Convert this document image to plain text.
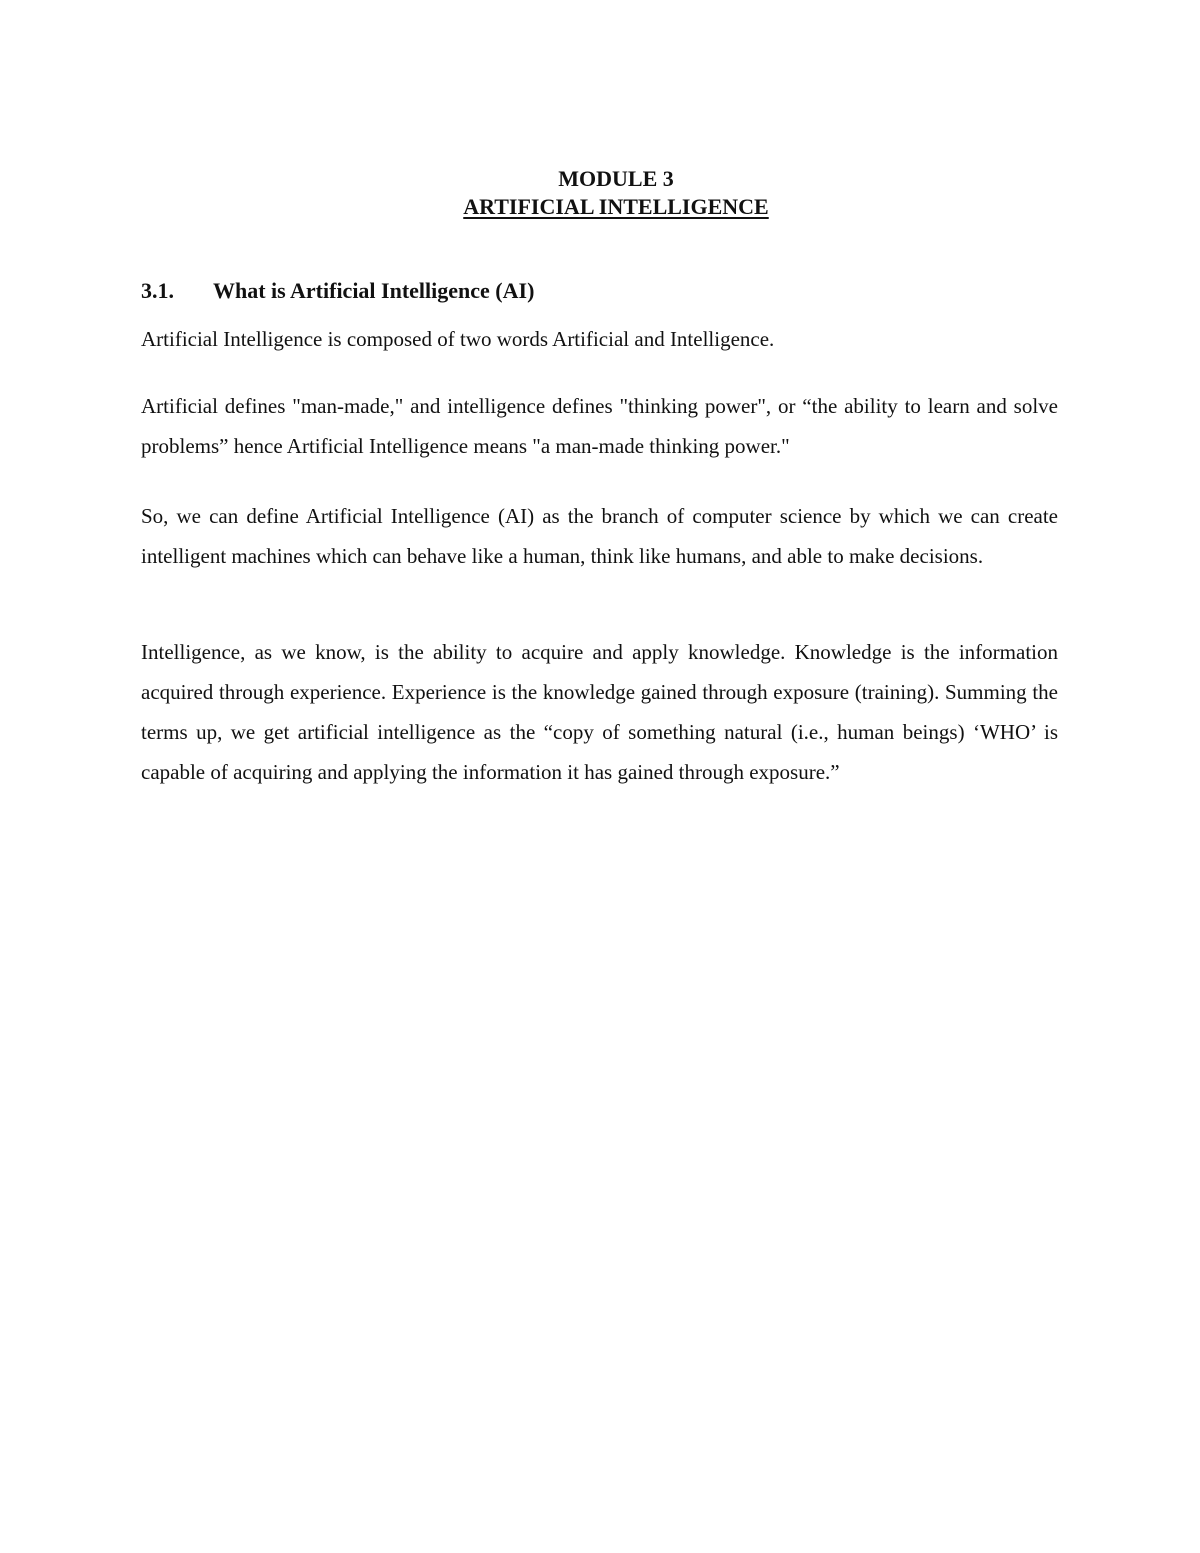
MODULE 3
ARTIFICIAL INTELLIGENCE
3.1. What is Artificial Intelligence (AI)

Artificial Intelligence is composed of two words Artificial and Intelligence.

Artificial defines "man-made," and intelligence defines "thinking power", or “the ability to learn and solve problems” hence Artificial Intelligence means "a man-made thinking power."

So, we can define Artificial Intelligence (AI) as the branch of computer science by which we can create intelligent machines which can behave like a human, think like humans, and able to make decisions.

Intelligence, as we know, is the ability to acquire and apply knowledge. Knowledge is the information acquired through experience. Experience is the knowledge gained through exposure (training). Summing the terms up, we get artificial intelligence as the “copy of something natural (i.e., human beings) ‘WHO’ is capable of acquiring and applying the information it has gained through exposure.”
